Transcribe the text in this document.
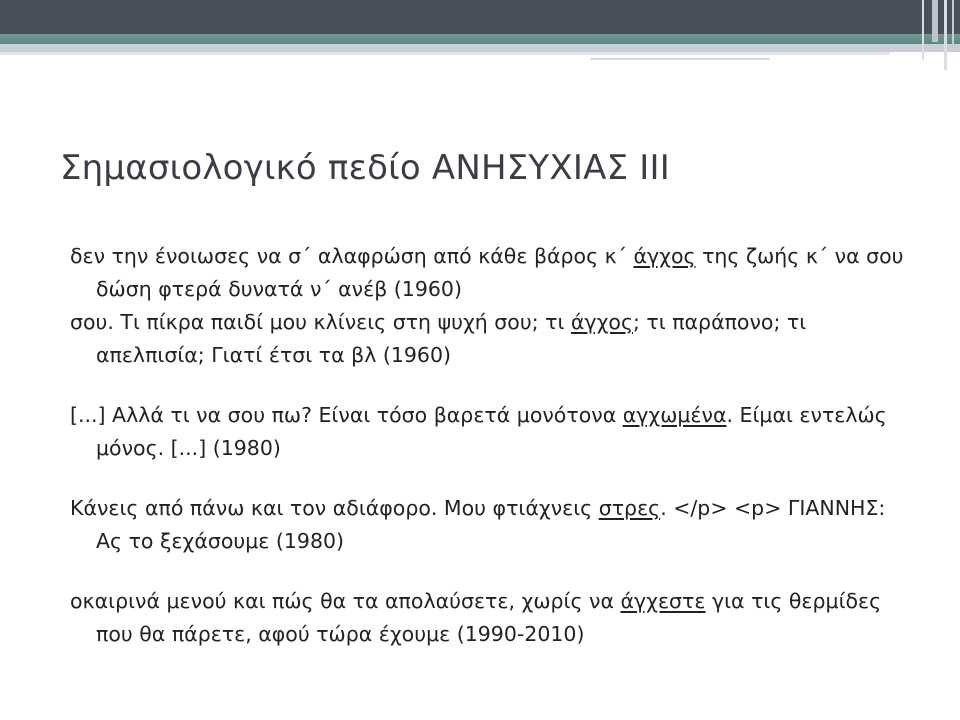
Σημασιολογικό πεδίο ΑΝΗΣΥΧΙΑΣ ΙΙΙ

δεν την ένοιωσες να σ΄ αλαφρώση από κάθε βάρος κ΄ άγχος της ζωής κ΄ να σου δώση φτερά δυνατά ν΄ ανέβ (1960)

σου. Τι πίκρα παιδί μου κλίνεις στη ψυχή σου; τι άγχος; τι παράπονο; τι απελπισία; Γιατί έτσι τα βλ (1960)

[...] Αλλά τι να σου πω? Είναι τόσο βαρετά μονότονα αγχωμένα. Είμαι εντελώς μόνος. [...] (1980)

Κάνεις από πάνω και τον αδιάφορο. Μου φτιάχνεις στρες. </p> <p> ΓΙΑΝΝΗΣ: Ας το ξεχάσουμε (1980)

οκαιρινά μενού και πώς θα τα απολαύσετε, χωρίς να άγχεστε για τις θερμίδες που θα πάρετε, αφού τώρα έχουμε (1990-2010)
